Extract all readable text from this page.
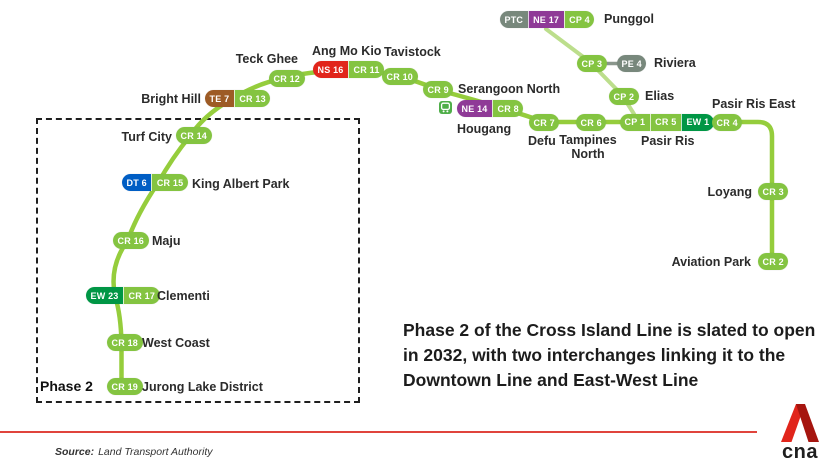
PTC	NE 17	CP 4
CP 3	PE 4
CP 2
CP 1	CR 5	EW 1 CR 4
CR 7	CR 6
NE 14	CR 8
CR 9
CR 10
NS 16	CR 11
CR 12
TE 7	CR 13
CR 14
DT 6	CR 15
CR 16
EW 23	CR 17
CR 18
CR 19
CR 3
CR 2
Punggol
Riviera
Elias
Pasir Ris East
Pasir Ris
Defu Tampines North
Hougang
Serangoon North
Tavistock
Ang Mo Kio
Teck Ghee
Bright Hill
Turf City
King Albert Park
Maju
Clementi
West Coast
Jurong Lake District
Loyang
Aviation Park
Phase 2
Phase 2 of the Cross Island Line is slated to open
in 2032, with two interchanges linking it to the
Downtown Line and East-West Line
Source: Land Transport Authority	cna
